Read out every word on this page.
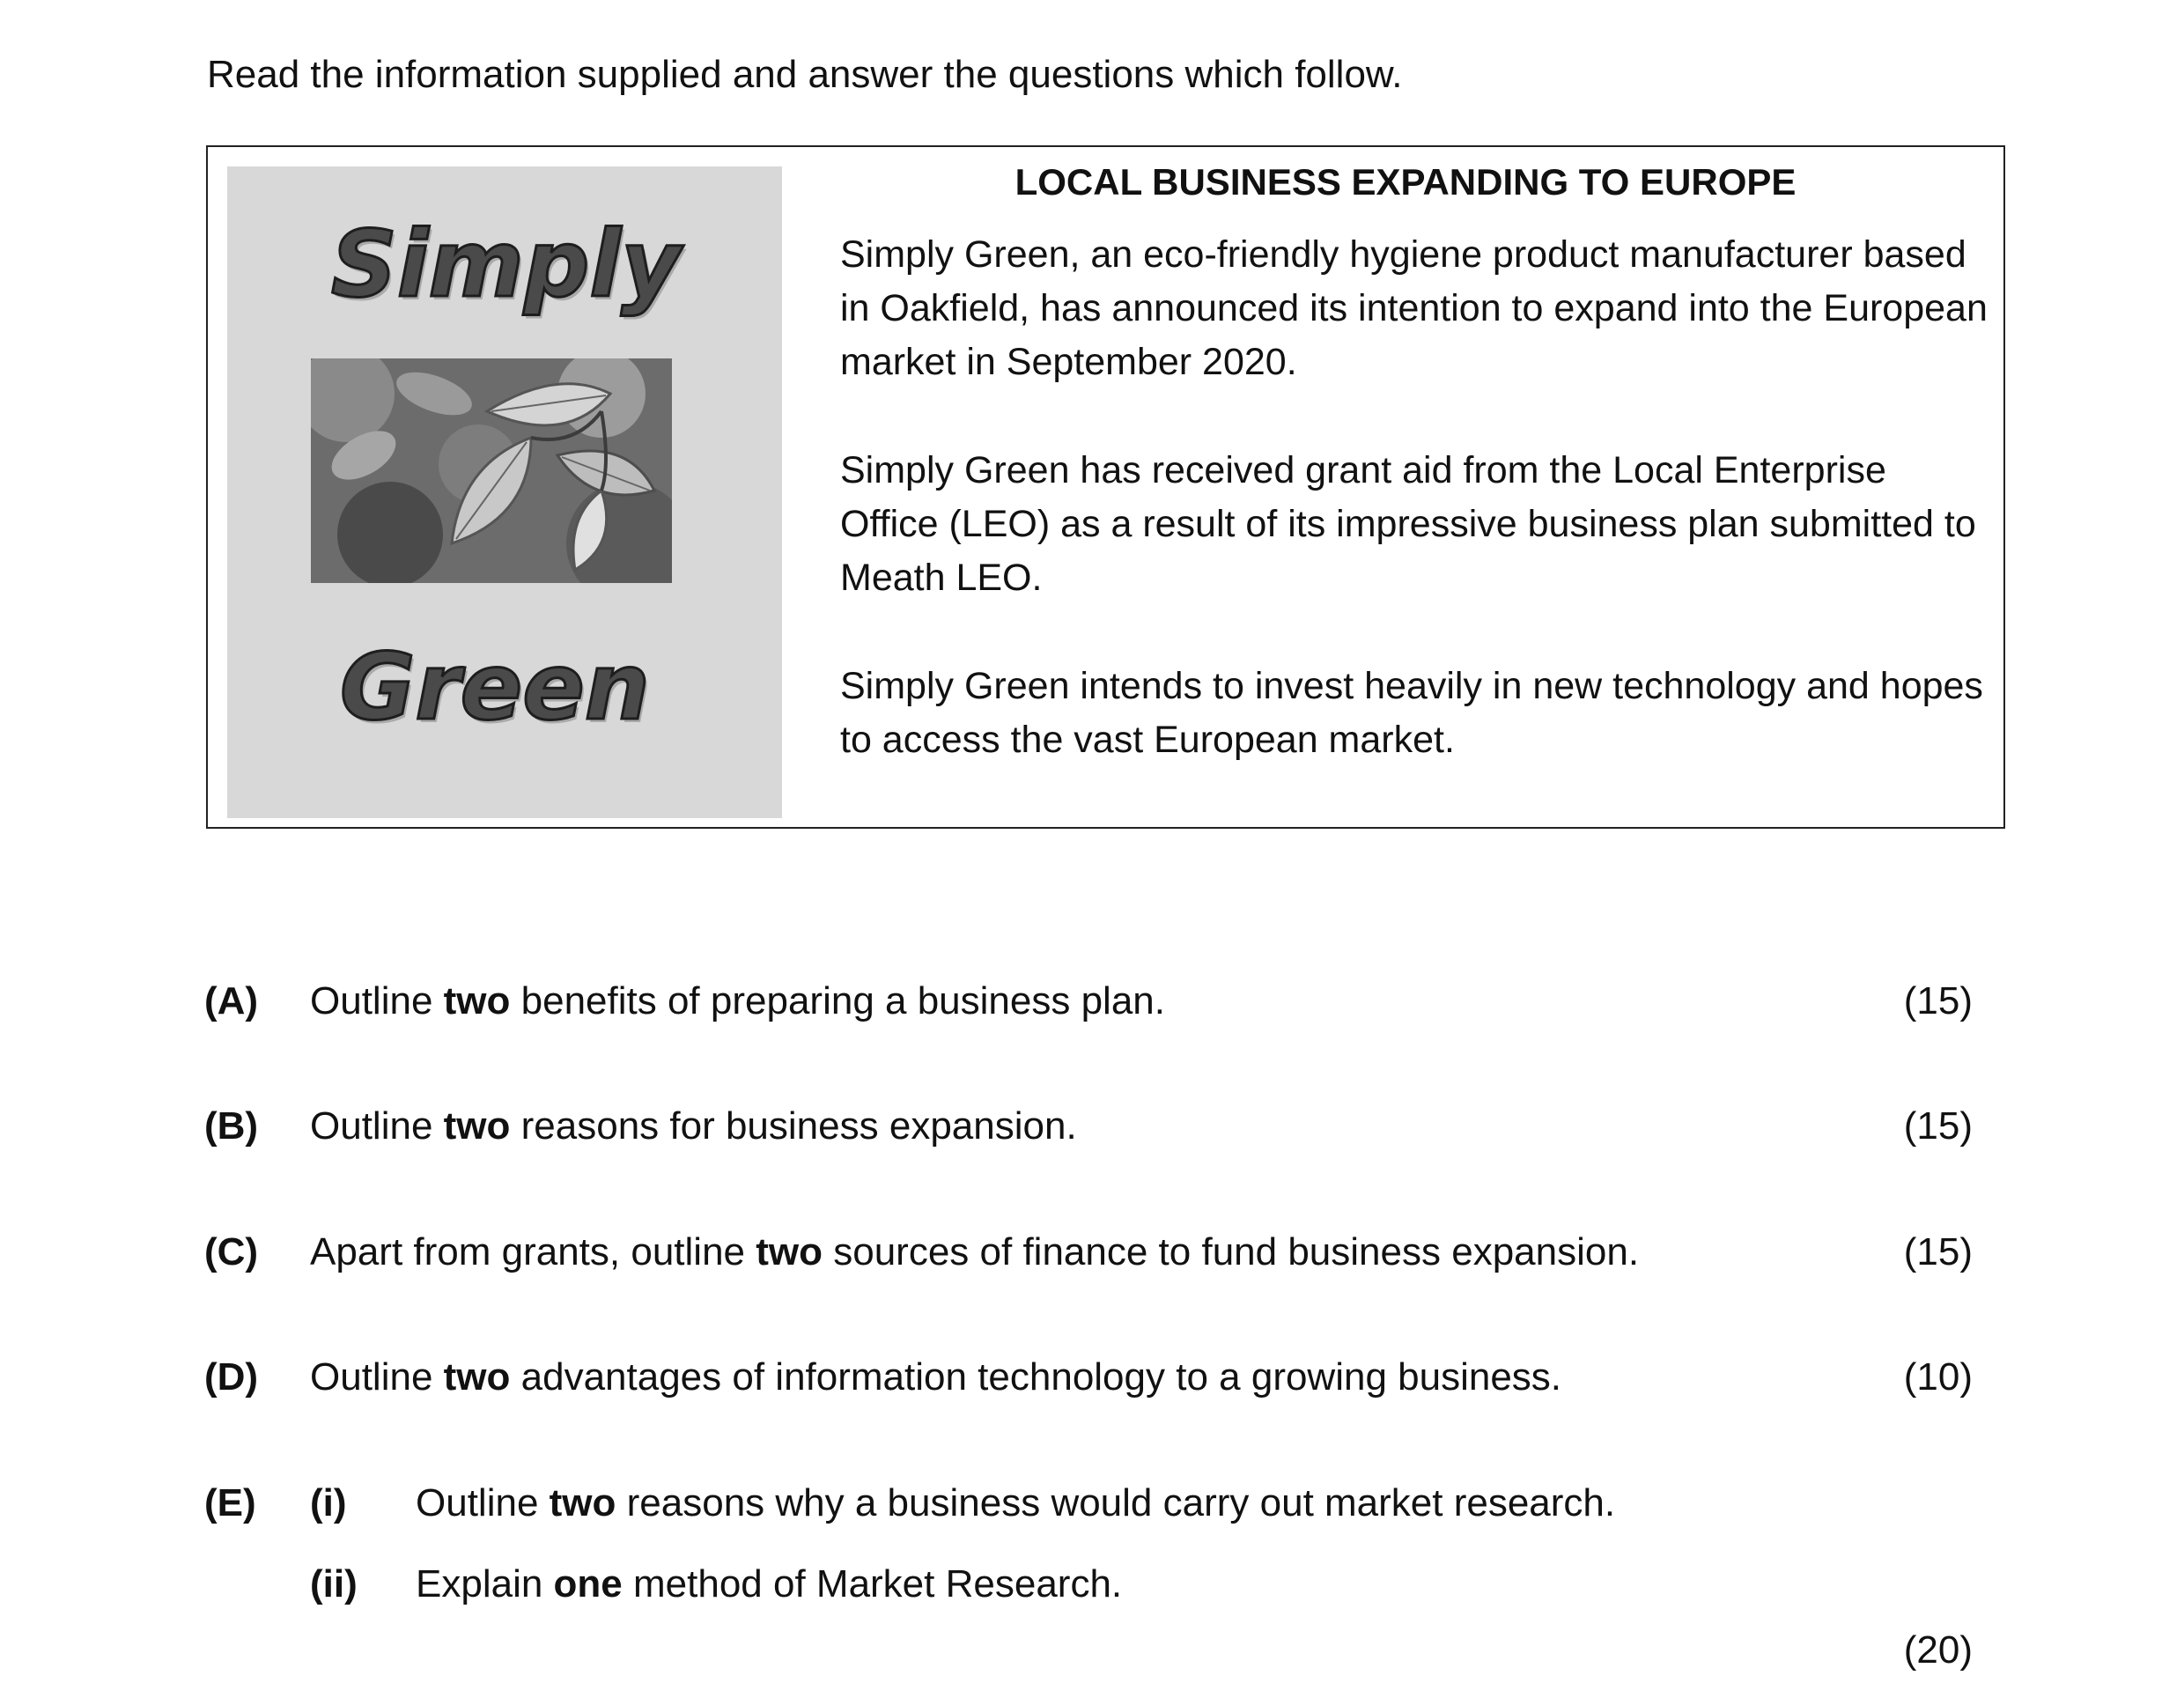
Read the information supplied and answer the questions which follow.
Simply
Green
LOCAL BUSINESS EXPANDING TO EUROPE

Simply Green, an eco-friendly hygiene product manufacturer based in Oakfield, has announced its intention to expand into the European market in September 2020.

Simply Green has received grant aid from the Local Enterprise Office (LEO) as a result of its impressive business plan submitted to Meath LEO.

Simply Green intends to invest heavily in new technology and hopes to access the vast European market.

(A) Outline two benefits of preparing a business plan.	(15)
(B) Outline two reasons for business expansion.	(15)
(C) Apart from grants, outline two sources of finance to fund business expansion.	(15)
(D) Outline two advantages of information technology to a growing business.	(10)
(E) (i) Outline two reasons why a business would carry out market research.
(ii) Explain one method of Market Research.
(20)
